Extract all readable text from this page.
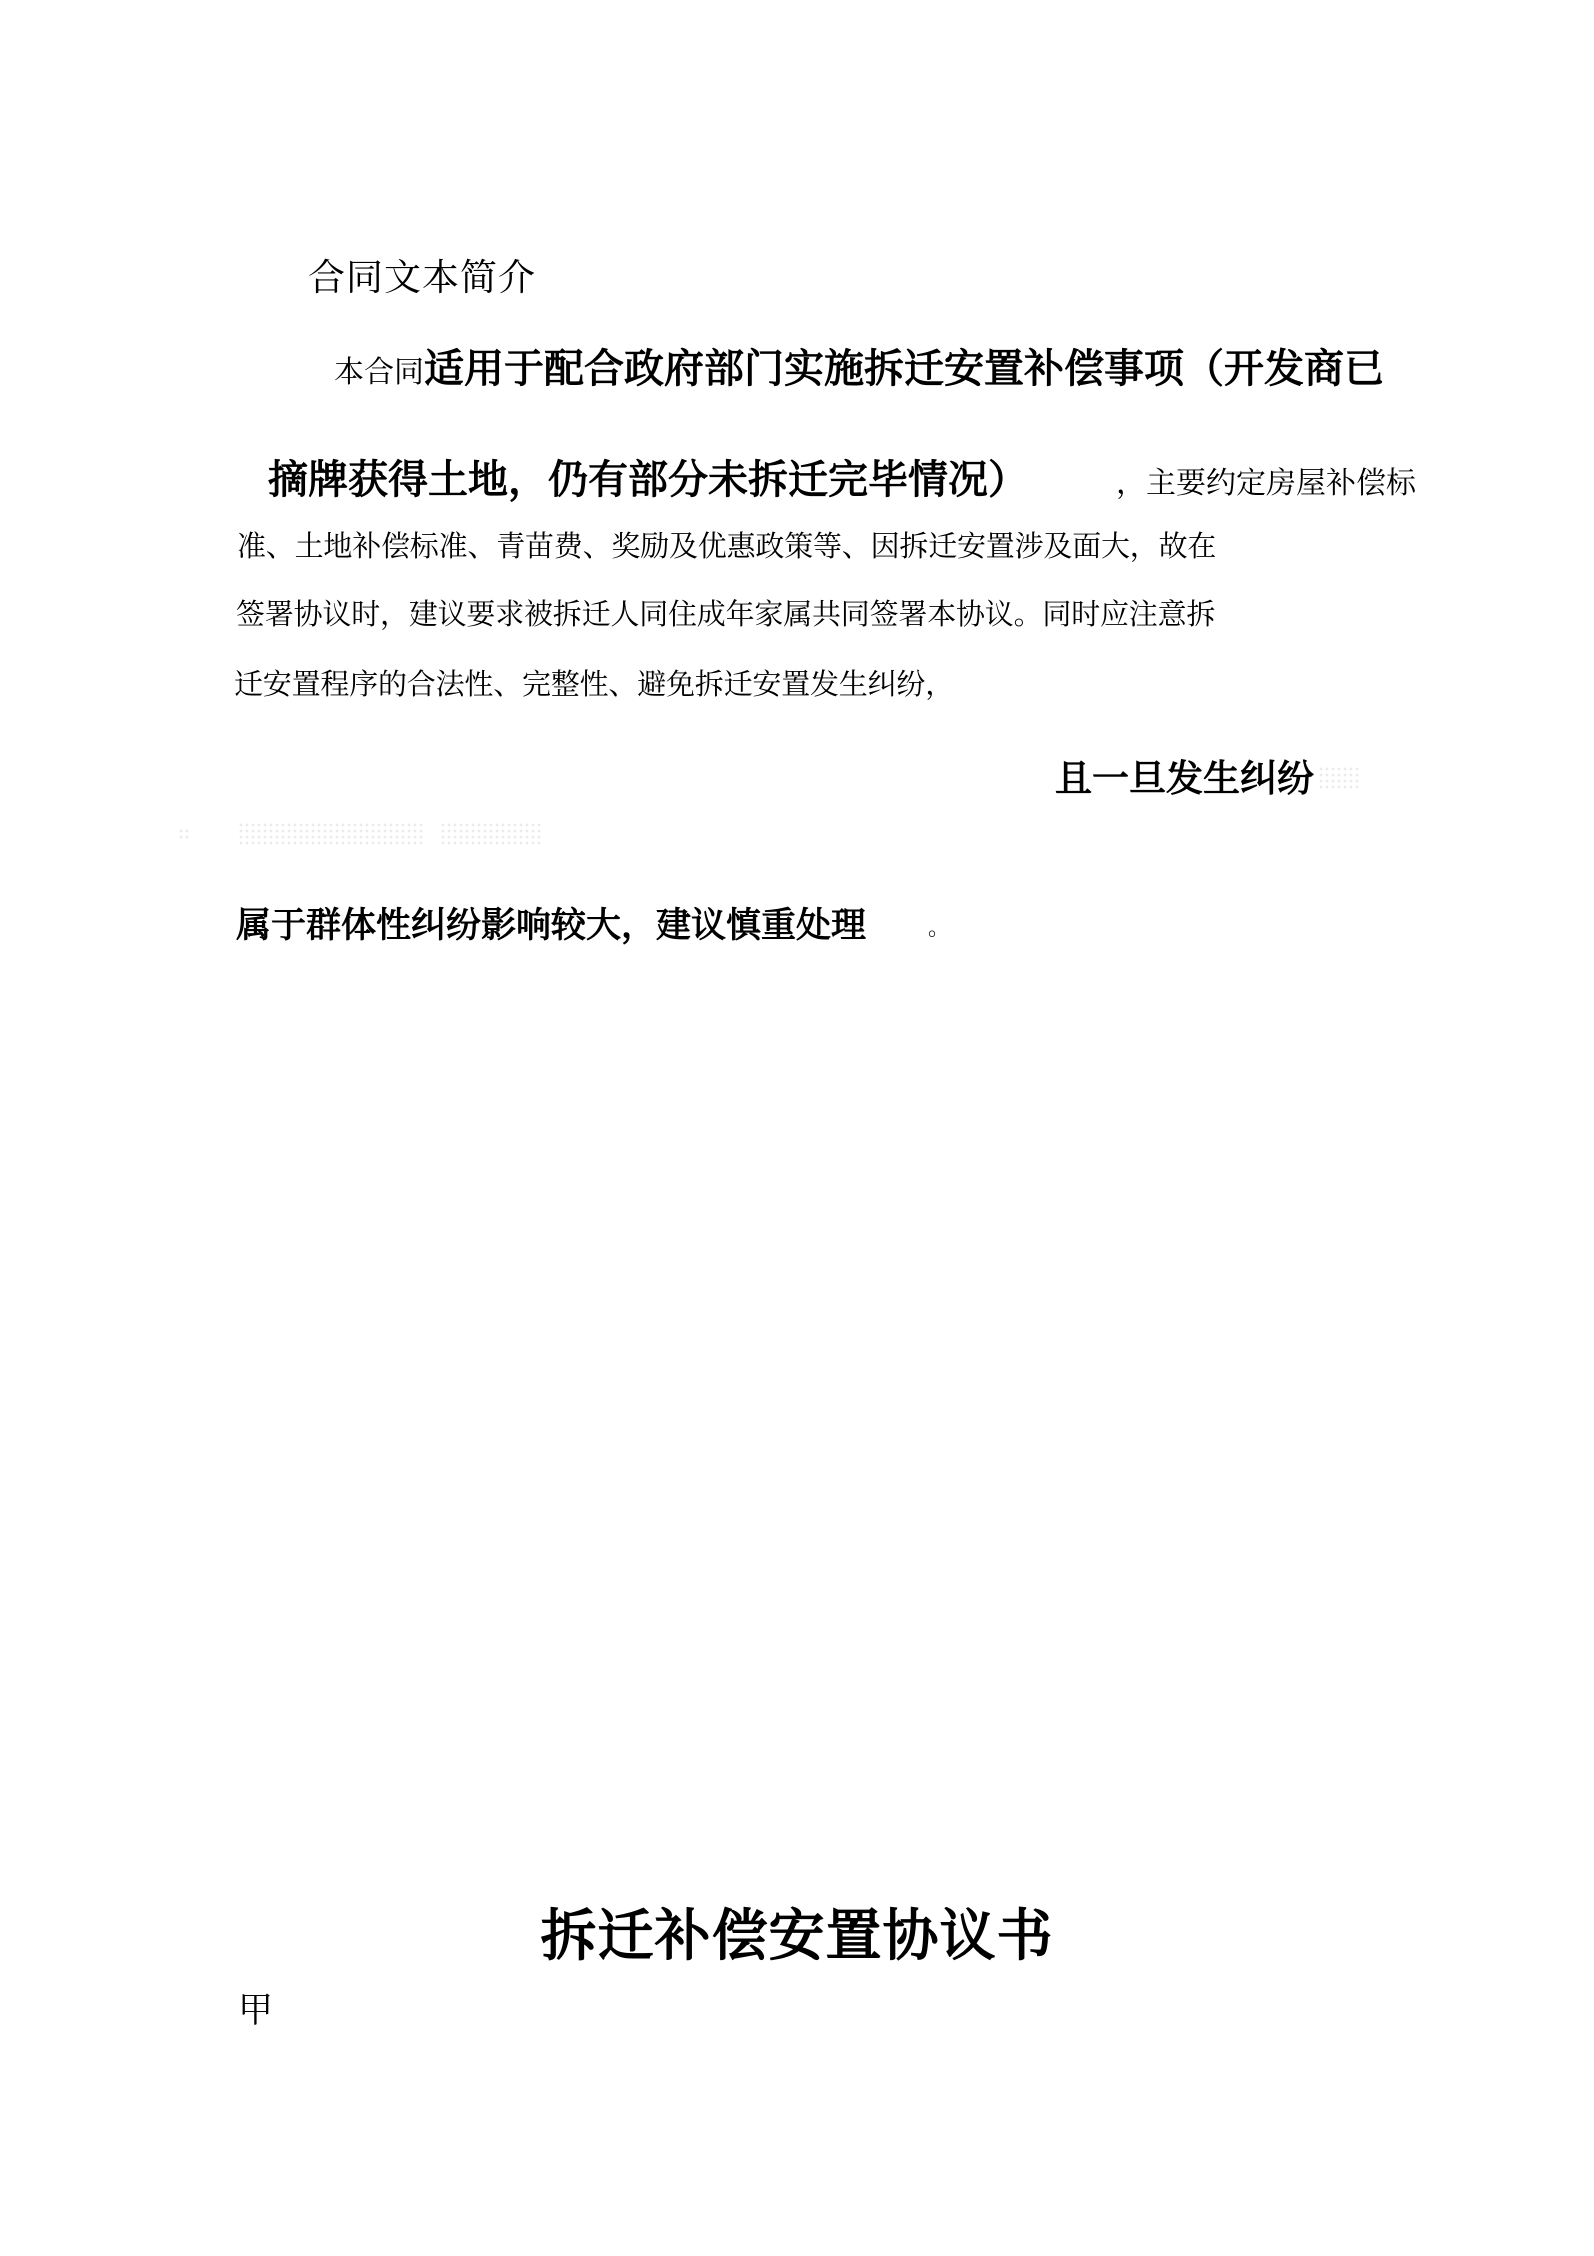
合同文本简介
本合同适用于配合政府部门实施拆迁安置补偿事项（开发商已
摘牌获得土地，仍有部分未拆迁完毕情况）	，主要约定房屋补偿标
准、土地补偿标准、青苗费、奖励及优惠政策等、因拆迁安置涉及面大，故在
签署协议时，建议要求被拆迁人同住成年家属共同签署本协议。同时应注意拆
迁安置程序的合法性、完整性、避免拆迁安置发生纠纷，
且一旦发生纠纷
属于群体性纠纷影响较大，建议慎重处理	。
拆迁补偿安置协议书
甲
